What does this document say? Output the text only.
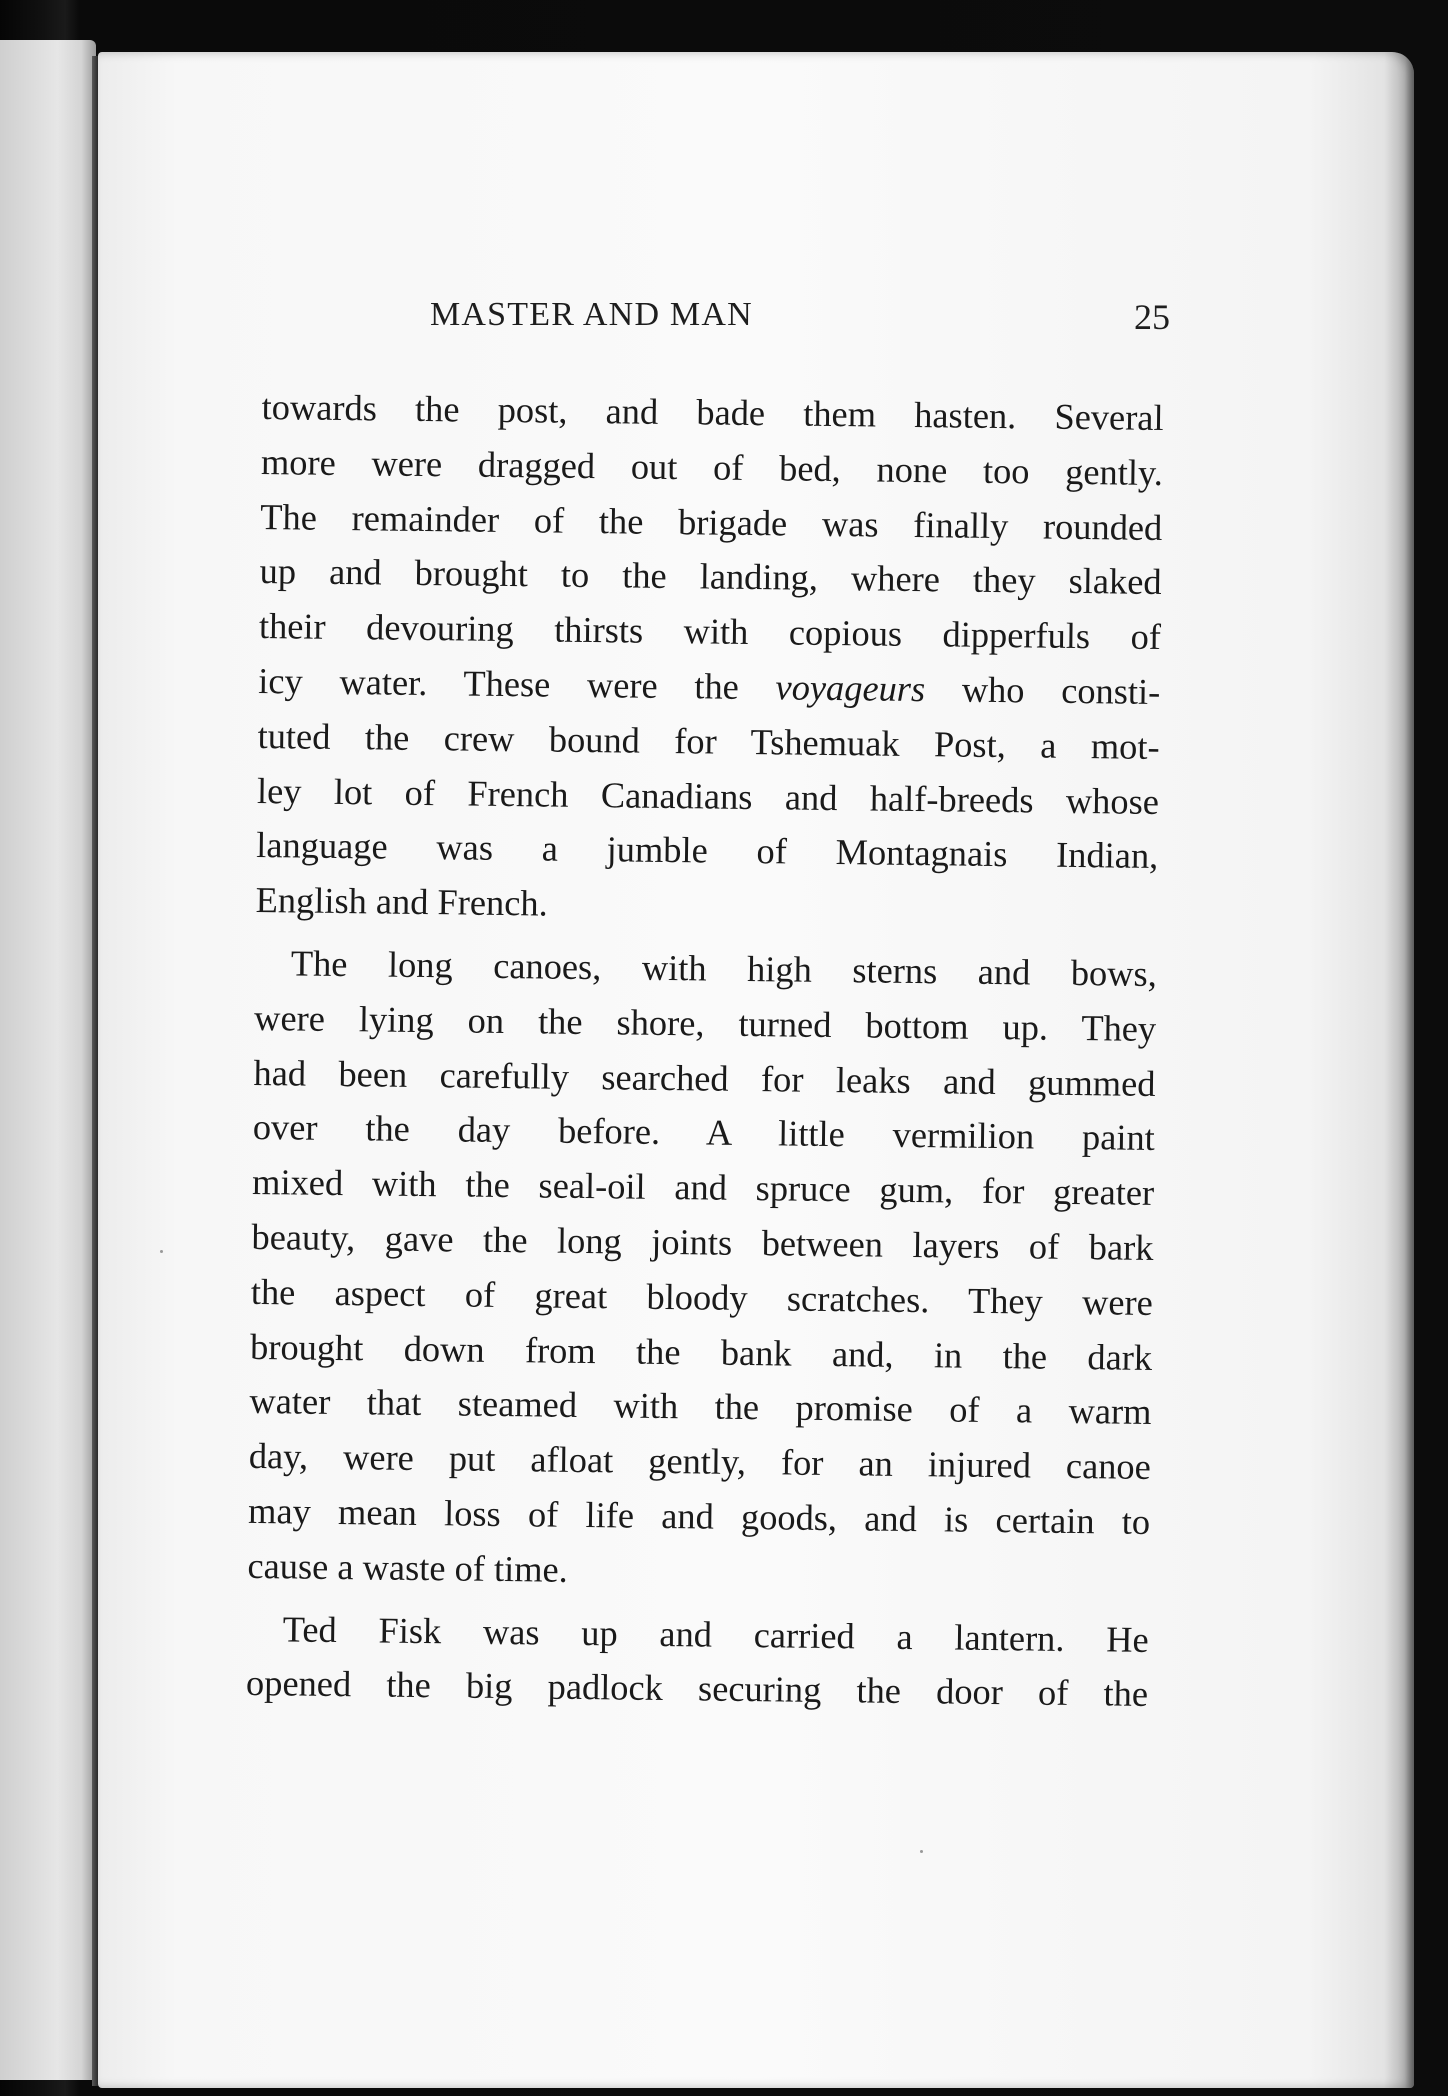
MASTER AND MAN	25
towards the post, and bade them hasten. Several
more were dragged out of bed, none too gently.
The remainder of the brigade was finally rounded
up and brought to the landing, where they slaked
their devouring thirsts with copious dipperfuls of
icy water. These were the voyageurs who consti-
tuted the crew bound for Tshemuak Post, a mot-
ley lot of French Canadians and half-breeds whose
language was a jumble of Montagnais Indian,
English and French.
The long canoes, with high sterns and bows,
were lying on the shore, turned bottom up. They
had been carefully searched for leaks and gummed
over the day before. A little vermilion paint
mixed with the seal-oil and spruce gum, for greater
beauty, gave the long joints between layers of bark
the aspect of great bloody scratches. They were
brought down from the bank and, in the dark
water that steamed with the promise of a warm
day, were put afloat gently, for an injured canoe
may mean loss of life and goods, and is certain to
cause a waste of time.
Ted Fisk was up and carried a lantern. He
opened the big padlock securing the door of the
